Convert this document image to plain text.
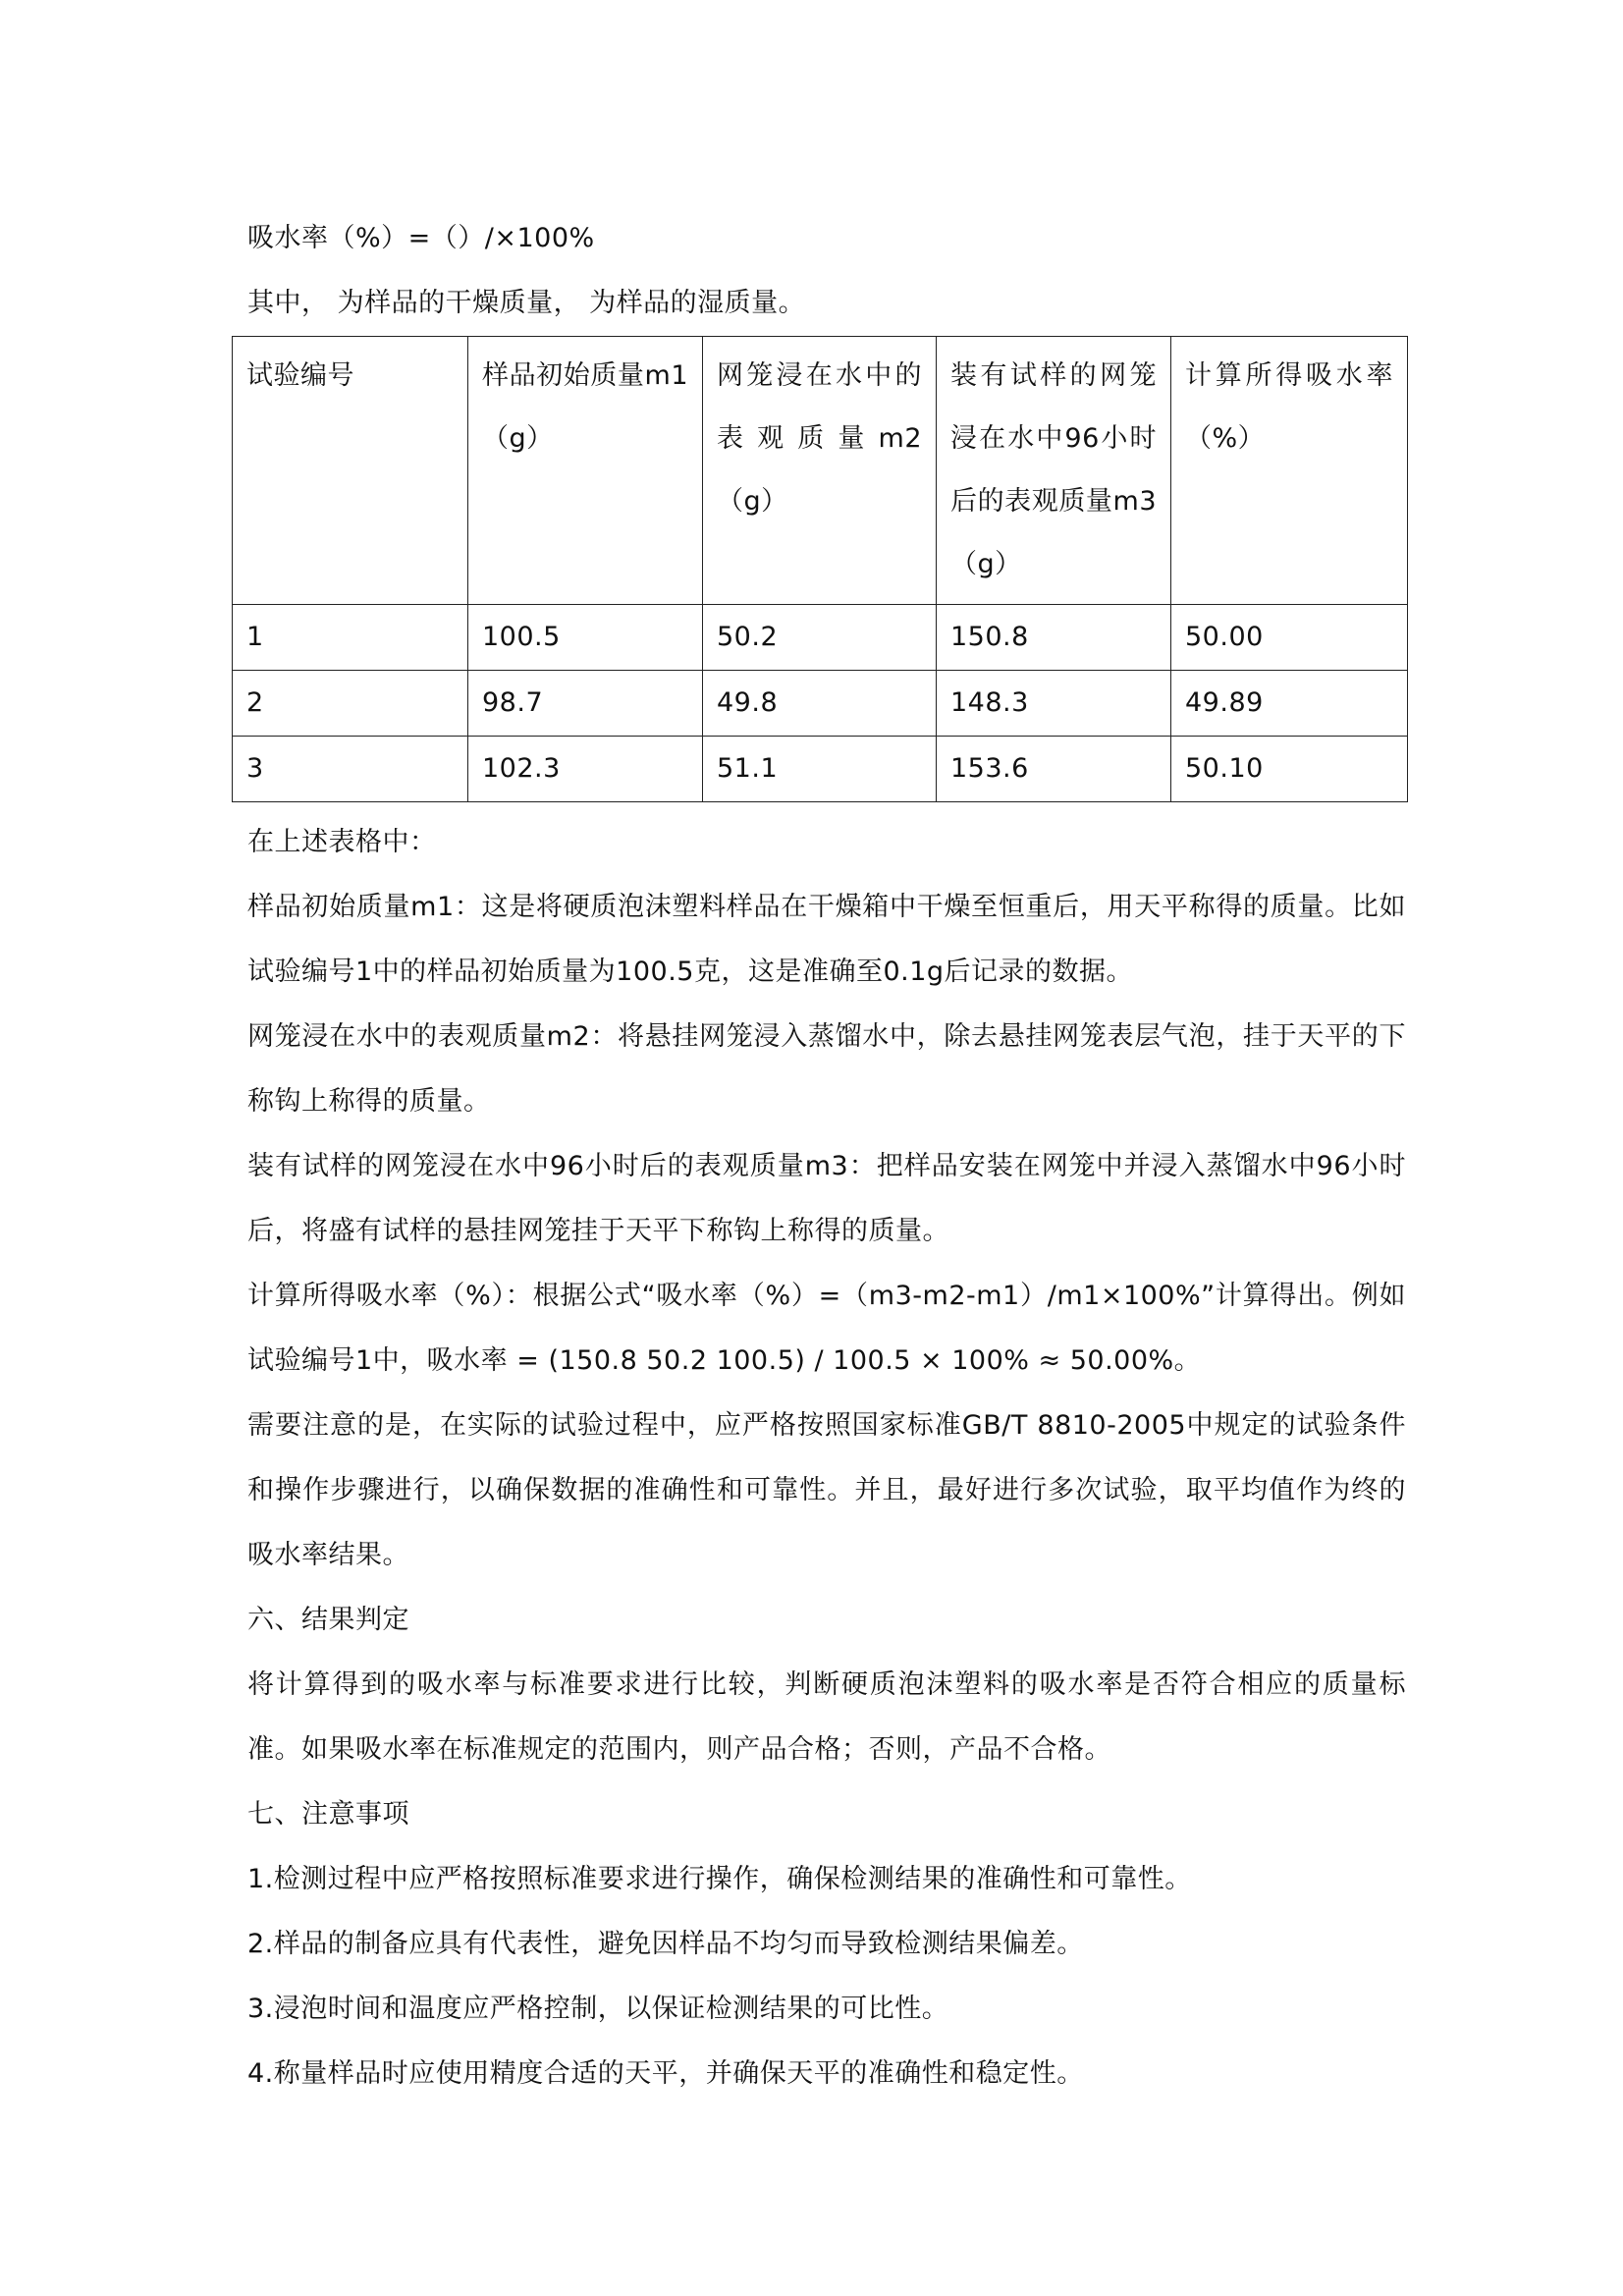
吸水率（%）=（）/×100%

其中， 为样品的干燥质量， 为样品的湿质量。

试验编号	样品初始质量m1（g）	网笼浸在水中的表观质量m2（g）	装有试样的网笼浸在水中96小时后的表观质量m3（g）	计算所得吸水率（%）
1	100.5	50.2	150.8	50.00
2	98.7	49.8	148.3	49.89
3	102.3	51.1	153.6	50.10

在上述表格中：

样品初始质量m1：这是将硬质泡沫塑料样品在干燥箱中干燥至恒重后，用天平称得的质量。比如试验编号1中的样品初始质量为100.5克，这是准确至0.1g后记录的数据。

网笼浸在水中的表观质量m2：将悬挂网笼浸入蒸馏水中，除去悬挂网笼表层气泡，挂于天平的下称钩上称得的质量。

装有试样的网笼浸在水中96小时后的表观质量m3：把样品安装在网笼中并浸入蒸馏水中96小时后，将盛有试样的悬挂网笼挂于天平下称钩上称得的质量。

计算所得吸水率（%）：根据公式“吸水率（%）=（m3-m2-m1）/m1×100%”计算得出。例如试验编号1中，吸水率 = (150.8 50.2 100.5) / 100.5 × 100% ≈ 50.00%。

需要注意的是，在实际的试验过程中，应严格按照国家标准GB/T 8810-2005中规定的试验条件和操作步骤进行，以确保数据的准确性和可靠性。并且，最好进行多次试验，取平均值作为终的吸水率结果。

六、结果判定

将计算得到的吸水率与标准要求进行比较，判断硬质泡沫塑料的吸水率是否符合相应的质量标准。如果吸水率在标准规定的范围内，则产品合格；否则，产品不合格。

七、注意事项

1.检测过程中应严格按照标准要求进行操作，确保检测结果的准确性和可靠性。

2.样品的制备应具有代表性，避免因样品不均匀而导致检测结果偏差。

3.浸泡时间和温度应严格控制，以保证检测结果的可比性。

4.称量样品时应使用精度合适的天平，并确保天平的准确性和稳定性。
